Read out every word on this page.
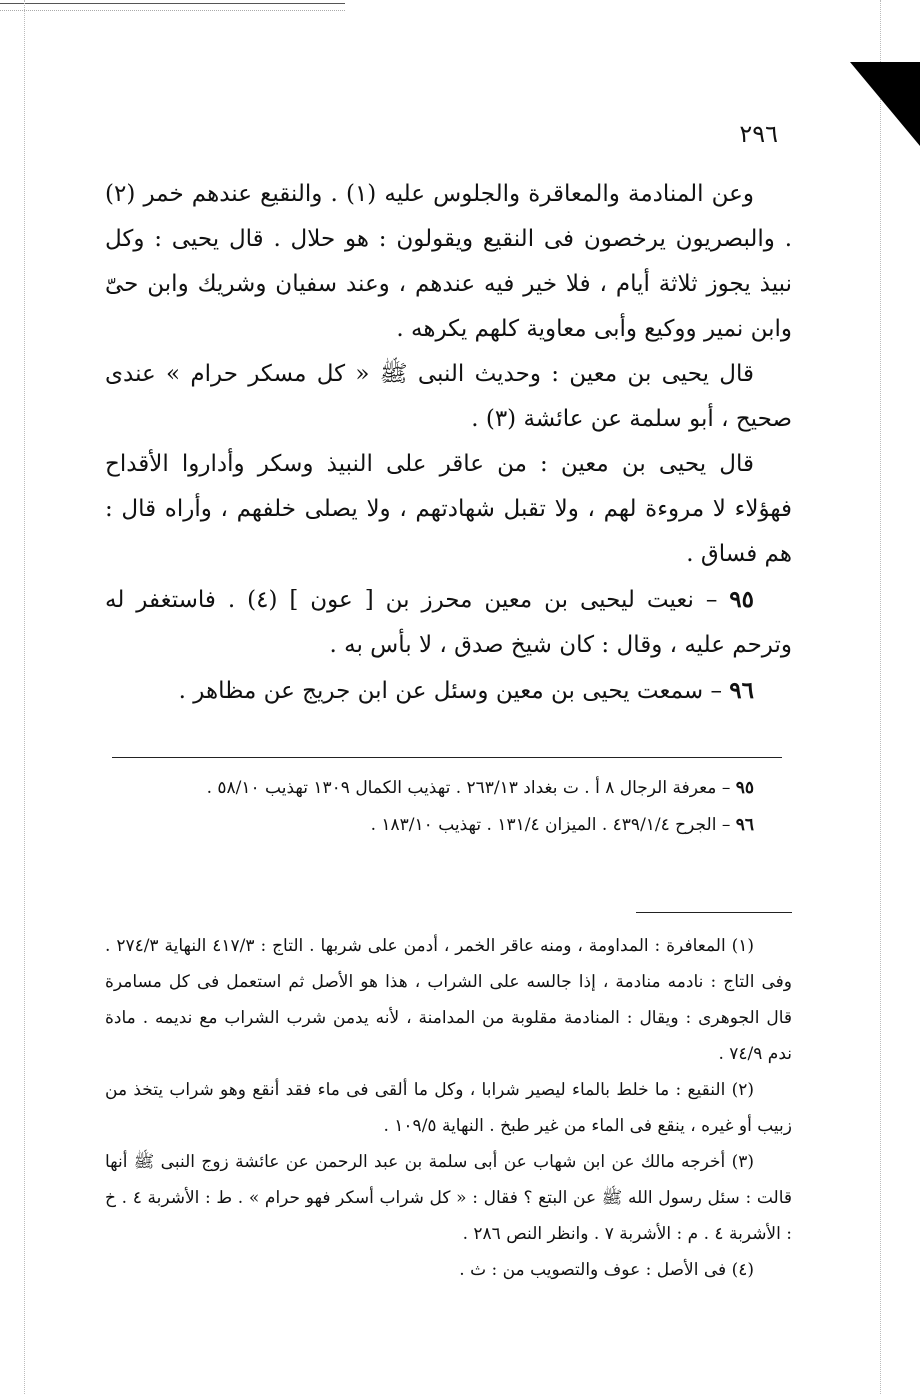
٢٩٦

وعن المنادمة والمعاقرة والجلوس عليه (١) . والنقيع عندهم خمر (٢) . والبصريون يرخصون فى النقيع ويقولون : هو حلال . قال يحيى : وكل نبيذ يجوز ثلاثة أيام ، فلا خير فيه عندهم ، وعند سفيان وشريك وابن حىّ وابن نمير ووكيع وأبى معاوية كلهم يكرهه .

قال يحيى بن معين : وحديث النبى ﷺ « كل مسكر حرام » عندى صحيح ، أبو سلمة عن عائشة (٣) .

قال يحيى بن معين : من عاقر على النبيذ وسكر وأداروا الأقداح فهؤلاء لا مروءة لهم ، ولا تقبل شهادتهم ، ولا يصلى خلفهم ، وأراه قال : هم فساق .

٩٥ – نعيت ليحيى بن معين محرز بن [ عون ] (٤) . فاستغفر له وترحم عليه ، وقال : كان شيخ صدق ، لا بأس به .

٩٦ – سمعت يحيى بن معين وسئل عن ابن جريج عن مظاهر .

٩٥ – معرفة الرجال ٨ أ . ت بغداد ٢٦٣/١٣ . تهذيب الكمال ١٣٠٩ تهذيب ٥٨/١٠ .

٩٦ – الجرح ٤٣٩/١/٤ . الميزان ١٣١/٤ . تهذيب ١٨٣/١٠ .

(١) المعافرة : المداومة ، ومنه عاقر الخمر ، أدمن على شربها . التاج : ٤١٧/٣ النهاية ٢٧٤/٣ . وفى التاج : نادمه منادمة ، إذا جالسه على الشراب ، هذا هو الأصل ثم استعمل فى كل مسامرة قال الجوهرى : ويقال : المنادمة مقلوبة من المدامنة ، لأنه يدمن شرب الشراب مع نديمه . مادة ندم ٧٤/٩ .

(٢) النقيع : ما خلط بالماء ليصير شرابا ، وكل ما ألقى فى ماء فقد أنقع وهو شراب يتخذ من زبيب أو غيره ، ينقع فى الماء من غير طبخ . النهاية ١٠٩/٥ .

(٣) أخرجه مالك عن ابن شهاب عن أبى سلمة بن عبد الرحمن عن عائشة زوج النبى ﷺ أنها قالت : سئل رسول الله ﷺ عن البتع ؟ فقال : « كل شراب أسكر فهو حرام » . ط : الأشربة ٤ . خ : الأشربة ٤ . م : الأشربة ٧ . وانظر النص ٢٨٦ .

(٤) فى الأصل : عوف والتصويب من : ث .
